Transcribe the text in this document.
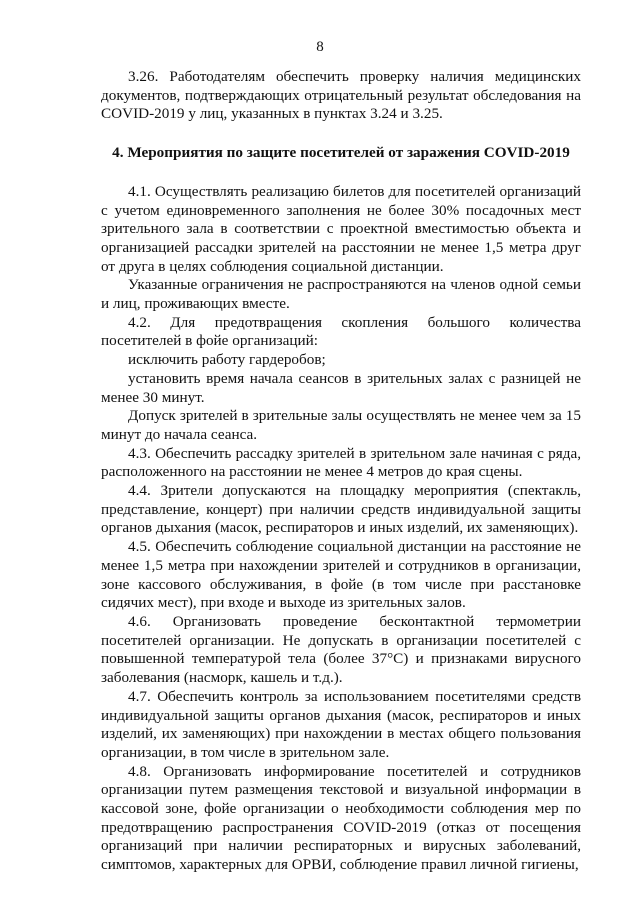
8

3.26. Работодателям обеспечить проверку наличия медицинских документов, подтверждающих отрицательный результат обследования на COVID-2019 у лиц, указанных в пунктах 3.24 и 3.25.

4. Мероприятия по защите посетителей от заражения COVID-2019

4.1. Осуществлять реализацию билетов для посетителей организаций с учетом единовременного заполнения не более 30% посадочных мест зрительного зала в соответствии с проектной вместимостью объекта и организацией рассадки зрителей на расстоянии не менее 1,5 метра друг от друга в целях соблюдения социальной дистанции.

Указанные ограничения не распространяются на членов одной семьи и лиц, проживающих вместе.

4.2. Для предотвращения скопления большого количества посетителей в фойе организаций:

исключить работу гардеробов;

установить время начала сеансов в зрительных залах с разницей не менее 30 минут.

Допуск зрителей в зрительные залы осуществлять не менее чем за 15 минут до начала сеанса.

4.3. Обеспечить рассадку зрителей в зрительном зале начиная с ряда, расположенного на расстоянии не менее 4 метров до края сцены.

4.4. Зрители допускаются на площадку мероприятия (спектакль, представление, концерт) при наличии средств индивидуальной защиты органов дыхания (масок, респираторов и иных изделий, их заменяющих).

4.5. Обеспечить соблюдение социальной дистанции на расстояние не менее 1,5 метра при нахождении зрителей и сотрудников в организации, зоне кассового обслуживания, в фойе (в том числе при расстановке сидячих мест), при входе и выходе из зрительных залов.

4.6. Организовать проведение бесконтактной термометрии посетителей организации. Не допускать в организации посетителей с повышенной температурой тела (более 37°С) и признаками вирусного заболевания (насморк, кашель и т.д.).

4.7. Обеспечить контроль за использованием посетителями средств индивидуальной защиты органов дыхания (масок, респираторов и иных изделий, их заменяющих) при нахождении в местах общего пользования организации, в том числе в зрительном зале.

4.8. Организовать информирование посетителей и сотрудников организации путем размещения текстовой и визуальной информации в кассовой зоне, фойе организации о необходимости соблюдения мер по предотвращению распространения COVID-2019 (отказ от посещения организаций при наличии респираторных и вирусных заболеваний, симптомов, характерных для ОРВИ, соблюдение правил личной гигиены,
